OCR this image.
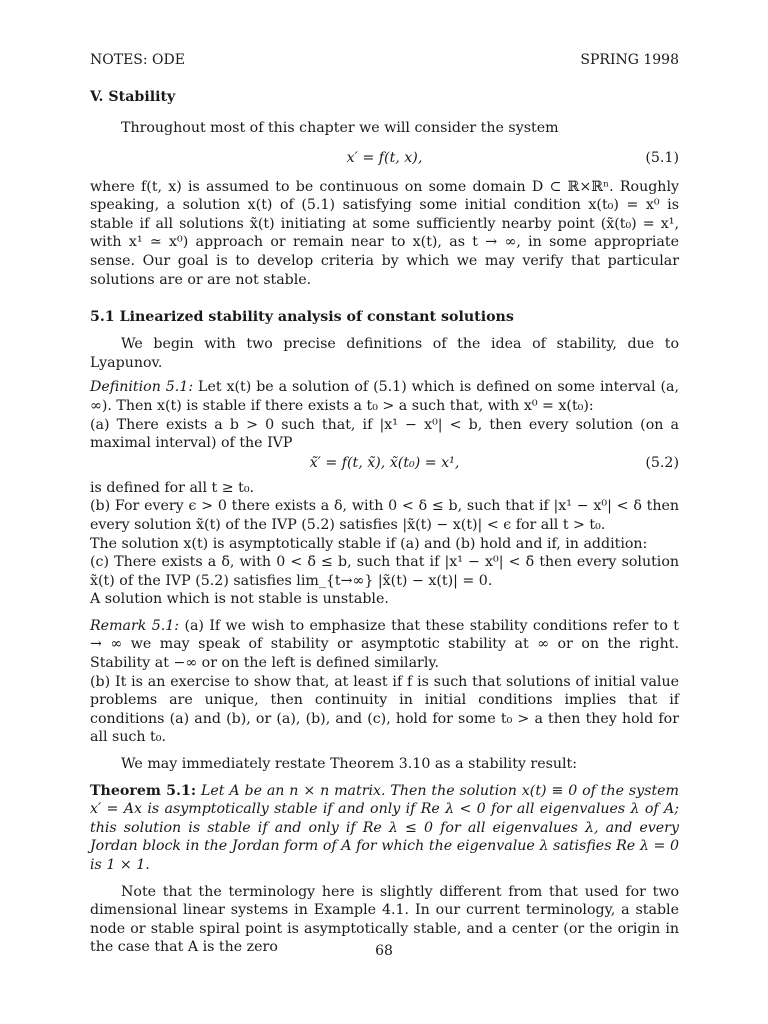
NOTES: ODE	SPRING 1998
V. Stability

Throughout most of this chapter we will consider the system

x′ = f(t, x),	(5.1)

where f(t, x) is assumed to be continuous on some domain D ⊂ ℝ×ℝⁿ. Roughly speaking, a solution x(t) of (5.1) satisfying some initial condition x(t₀) = x⁰ is stable if all solutions x̃(t) initiating at some sufficiently nearby point (x̃(t₀) = x¹, with x¹ ≃ x⁰) approach or remain near to x(t), as t → ∞, in some appropriate sense. Our goal is to develop criteria by which we may verify that particular solutions are or are not stable.

5.1 Linearized stability analysis of constant solutions

We begin with two precise definitions of the idea of stability, due to Lyapunov.

Definition 5.1: Let x(t) be a solution of (5.1) which is defined on some interval (a, ∞). Then x(t) is stable if there exists a t₀ > a such that, with x⁰ = x(t₀):

(a) There exists a b > 0 such that, if |x¹ − x⁰| < b, then every solution (on a maximal interval) of the IVP

x̃′ = f(t, x̃), x̃(t₀) = x¹,	(5.2)

is defined for all t ≥ t₀.

(b) For every ϵ > 0 there exists a δ, with 0 < δ ≤ b, such that if |x¹ − x⁰| < δ then every solution x̃(t) of the IVP (5.2) satisfies |x̃(t) − x(t)| < ϵ for all t > t₀.

The solution x(t) is asymptotically stable if (a) and (b) hold and if, in addition:

(c) There exists a δ̄, with 0 < δ̄ ≤ b, such that if |x¹ − x⁰| < δ̄ then every solution x̃(t) of the IVP (5.2) satisfies lim_{t→∞} |x̃(t) − x(t)| = 0.

A solution which is not stable is unstable.

Remark 5.1: (a) If we wish to emphasize that these stability conditions refer to t → ∞ we may speak of stability or asymptotic stability at ∞ or on the right. Stability at −∞ or on the left is defined similarly.

(b) It is an exercise to show that, at least if f is such that solutions of initial value problems are unique, then continuity in initial conditions implies that if conditions (a) and (b), or (a), (b), and (c), hold for some t₀ > a then they hold for all such t₀.

We may immediately restate Theorem 3.10 as a stability result:

Theorem 5.1: Let A be an n × n matrix. Then the solution x(t) ≡ 0 of the system x′ = Ax is asymptotically stable if and only if Re λ < 0 for all eigenvalues λ of A; this solution is stable if and only if Re λ ≤ 0 for all eigenvalues λ, and every Jordan block in the Jordan form of A for which the eigenvalue λ satisfies Re λ = 0 is 1 × 1.

Note that the terminology here is slightly different from that used for two dimensional linear systems in Example 4.1. In our current terminology, a stable node or stable spiral point is asymptotically stable, and a center (or the origin in the case that A is the zero	68
